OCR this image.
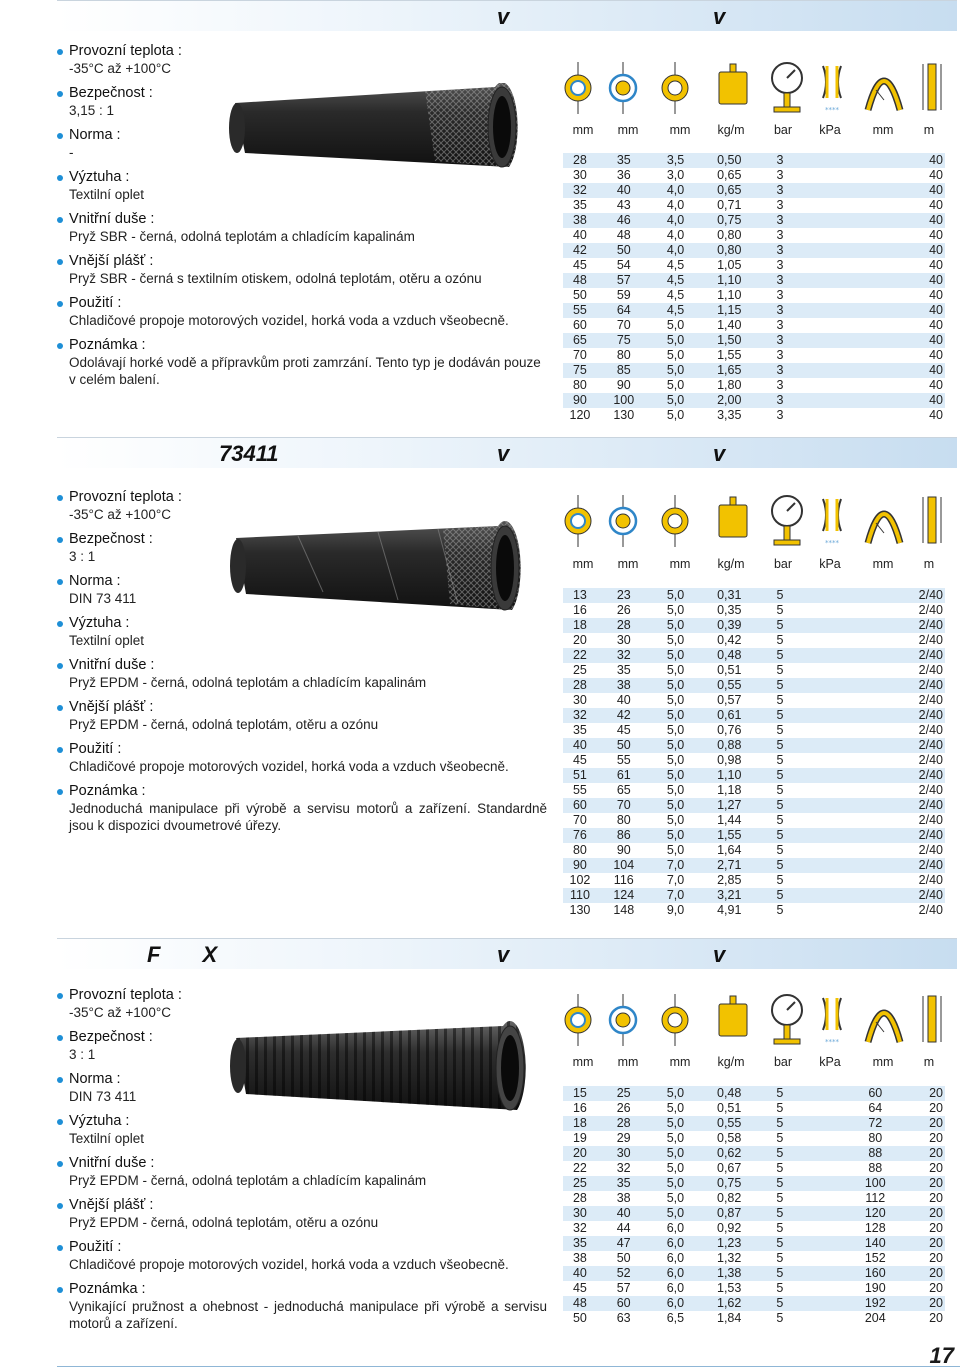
v	v

Provozní teplota :
-35°C až +100°C

Bezpečnost :
3,15 : 1

Norma :
-

Výztuha :
Textilní oplet

Vnitřní duše :
Pryž SBR - černá, odolná teplotám a chladícím kapalinám

Vnější plášť :
Pryž SBR - černá s textilním otiskem, odolná teplotám, otěru a ozónu

Použití :
Chladičové propoje motorových vozidel, horká voda a vzduch všeobecně.

Poznámka :
Odolávají horké vodě a přípravkům proti zamrzání. Tento typ je dodáván pouze v celém balení.

****
mm	mm	mm	kg/m	bar	kPa	mm	m
28	35	3,5	0,50	3			40
30	36	3,0	0,65	3			40
32	40	4,0	0,65	3			40
35	43	4,0	0,71	3			40
38	46	4,0	0,75	3			40
40	48	4,0	0,80	3			40
42	50	4,0	0,80	3			40
45	54	4,5	1,05	3			40
48	57	4,5	1,10	3			40
50	59	4,5	1,10	3			40
55	64	4,5	1,15	3			40
60	70	5,0	1,40	3			40
65	75	5,0	1,50	3			40
70	80	5,0	1,55	3			40
75	85	5,0	1,65	3			40
80	90	5,0	1,80	3			40
90	100	5,0	2,00	3			40
120	130	5,0	3,35	3			40
73411	v	v

Provozní teplota :
-35°C až +100°C

Bezpečnost :
3 : 1

Norma :
DIN 73 411

Výztuha :
Textilní oplet

Vnitřní duše :
Pryž EPDM - černá, odolná teplotám a chladícím kapalinám

Vnější plášť :
Pryž EPDM - černá, odolná teplotám, otěru a ozónu

Použití :
Chladičové propoje motorových vozidel, horká voda a vzduch všeobecně.

Poznámka :
Jednoduchá manipulace při výrobě a servisu motorů a zařízení. Standardně jsou k dispozici dvoumetrové úřezy.

****
mm	mm	mm	kg/m	bar	kPa	mm	m
13	23	5,0	0,31	5			2/40
16	26	5,0	0,35	5			2/40
18	28	5,0	0,39	5			2/40
20	30	5,0	0,42	5			2/40
22	32	5,0	0,48	5			2/40
25	35	5,0	0,51	5			2/40
28	38	5,0	0,55	5			2/40
30	40	5,0	0,57	5			2/40
32	42	5,0	0,61	5			2/40
35	45	5,0	0,76	5			2/40
40	50	5,0	0,88	5			2/40
45	55	5,0	0,98	5			2/40
51	61	5,0	1,10	5			2/40
55	65	5,0	1,18	5			2/40
60	70	5,0	1,27	5			2/40
70	80	5,0	1,44	5			2/40
76	86	5,0	1,55	5			2/40
80	90	5,0	1,64	5			2/40
90	104	7,0	2,71	5			2/40
102	116	7,0	2,85	5			2/40
110	124	7,0	3,21	5			2/40
130	148	9,0	4,91	5			2/40
F X	v	v

Provozní teplota :
-35°C až +100°C

Bezpečnost :
3 : 1

Norma :
DIN 73 411

Výztuha :
Textilní oplet

Vnitřní duše :
Pryž EPDM - černá, odolná teplotám a chladícím kapalinám

Vnější plášť :
Pryž EPDM - černá, odolná teplotám, otěru a ozónu

Použití :
Chladičové propoje motorových vozidel, horká voda a vzduch všeobecně.

Poznámka :
Vynikající pružnost a ohebnost - jednoduchá manipulace při výrobě a servisu motorů a zařízení.

****
mm	mm	mm	kg/m	bar	kPa	mm	m
15	25	5,0	0,48	5		60	20
16	26	5,0	0,51	5		64	20
18	28	5,0	0,55	5		72	20
19	29	5,0	0,58	5		80	20
20	30	5,0	0,62	5		88	20
22	32	5,0	0,67	5		88	20
25	35	5,0	0,75	5		100	20
28	38	5,0	0,82	5		112	20
30	40	5,0	0,87	5		120	20
32	44	6,0	0,92	5		128	20
35	47	6,0	1,23	5		140	20
38	50	6,0	1,32	5		152	20
40	52	6,0	1,38	5		160	20
45	57	6,0	1,53	5		190	20
48	60	6,0	1,62	5		192	20
50	63	6,5	1,84	5		204	20
17
